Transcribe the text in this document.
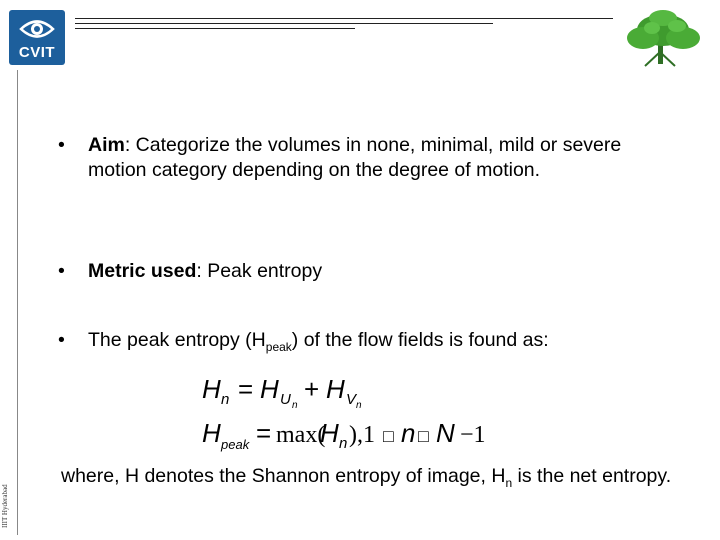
CVIT
IIIT Hyderabad
• Aim: Categorize the volumes in none, minimal, mild or severe motion category depending on the degree of motion.
• Metric used: Peak entropy
• The peak entropy $(H_{peak})$ of the flow fields is found as:
H n = H U n
+ H V n
H peak = max(
H n ),1 □ n □ N −1
where, H denotes the Shannon entropy of image, $H_n$ is the net entropy.
